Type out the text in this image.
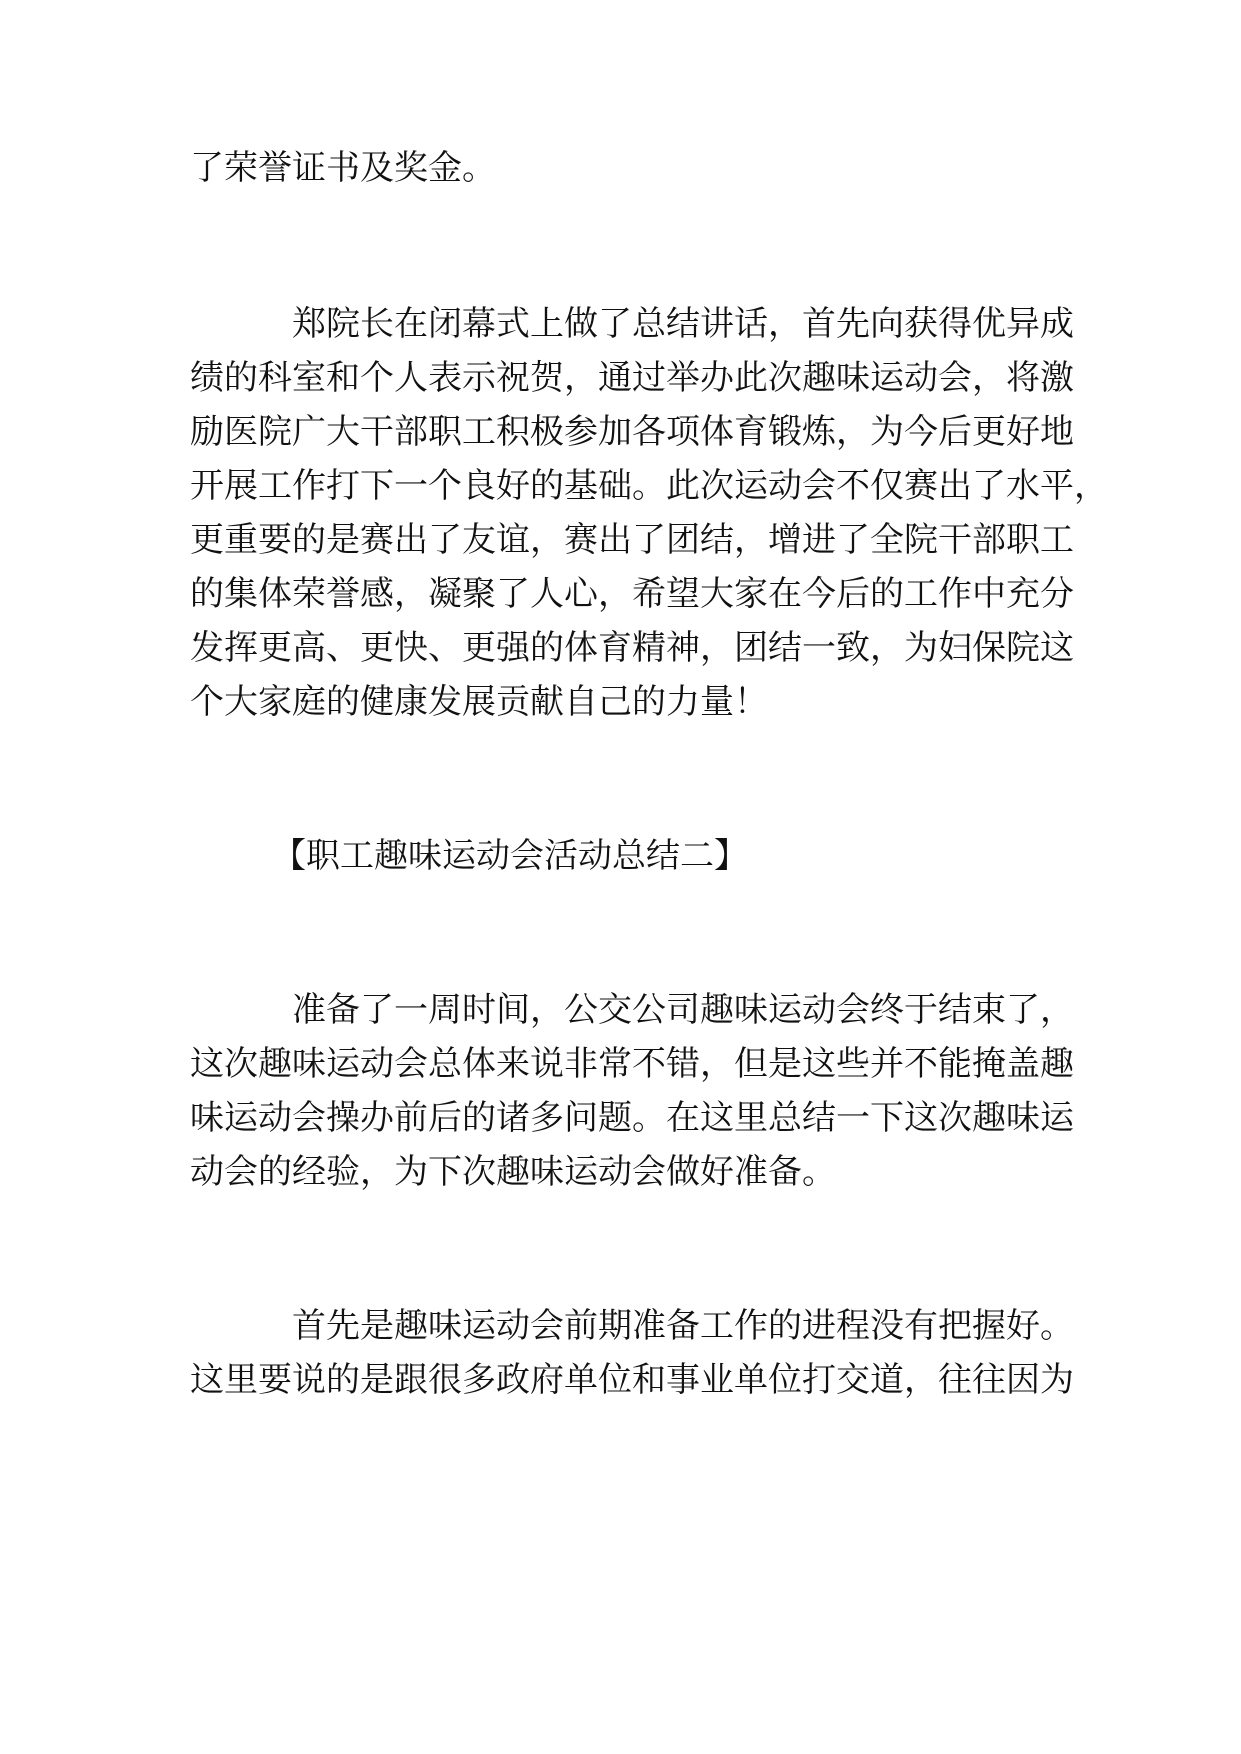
了荣誉证书及奖金。
郑院长在闭幕式上做了总结讲话，首先向获得优异成
绩的科室和个人表示祝贺，通过举办此次趣味运动会，将激
励医院广大干部职工积极参加各项体育锻炼，为今后更好地
开展工作打下一个良好的基础。此次运动会不仅赛出了水平，
更重要的是赛出了友谊，赛出了团结，增进了全院干部职工
的集体荣誉感，凝聚了人心，希望大家在今后的工作中充分
发挥更高、更快、更强的体育精神，团结一致，为妇保院这
个大家庭的健康发展贡献自己的力量！
【职工趣味运动会活动总结二】
准备了一周时间，公交公司趣味运动会终于结束了，
这次趣味运动会总体来说非常不错，但是这些并不能掩盖趣
味运动会操办前后的诸多问题。在这里总结一下这次趣味运
动会的经验，为下次趣味运动会做好准备。
首先是趣味运动会前期准备工作的进程没有把握好。
这里要说的是跟很多政府单位和事业单位打交道，往往因为
